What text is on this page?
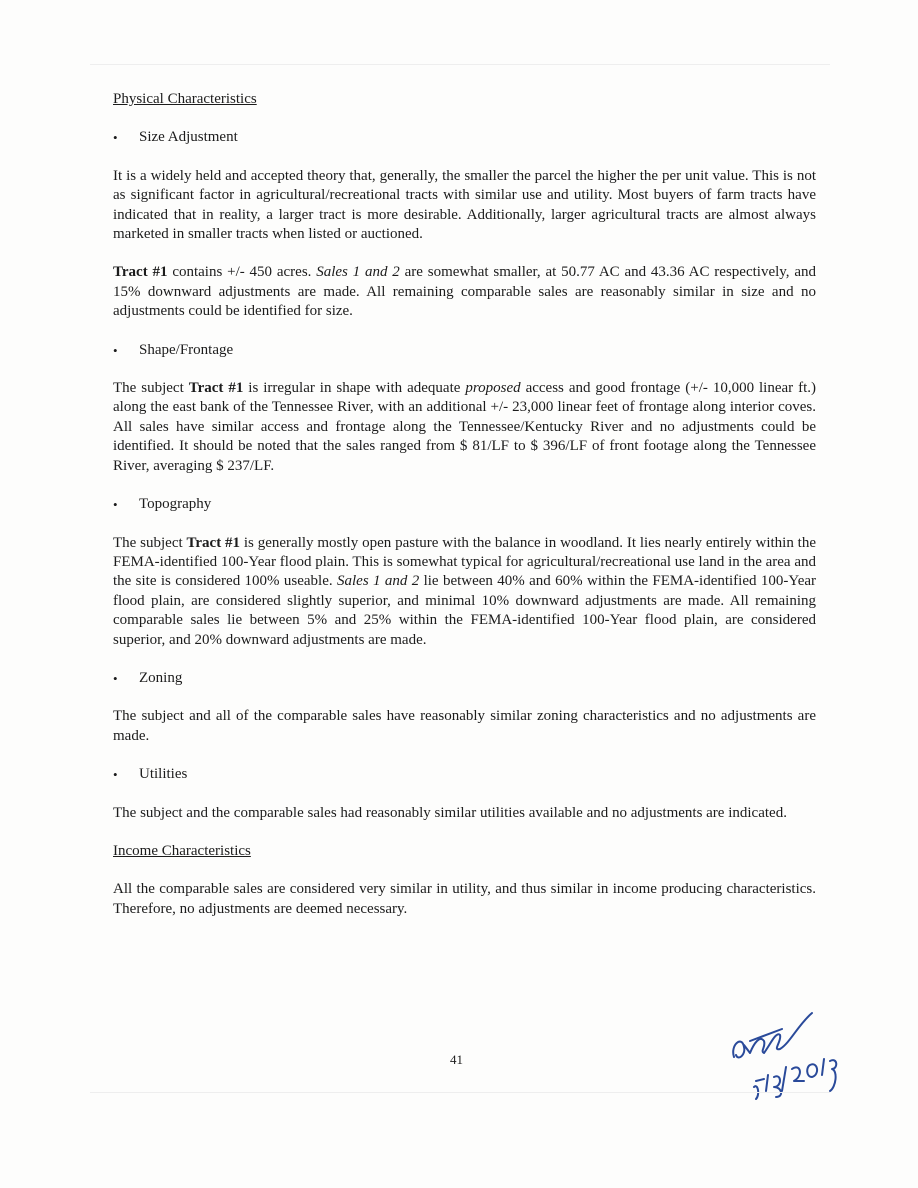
Physical Characteristics
• Size Adjustment

It is a widely held and accepted theory that, generally, the smaller the parcel the higher the per unit value. This is not as significant factor in agricultural/recreational tracts with similar use and utility. Most buyers of farm tracts have indicated that in reality, a larger tract is more desirable. Additionally, larger agricultural tracts are almost always marketed in smaller tracts when listed or auctioned.

Tract #1 contains +/- 450 acres. Sales 1 and 2 are somewhat smaller, at 50.77 AC and 43.36 AC respectively, and 15% downward adjustments are made. All remaining comparable sales are reasonably similar in size and no adjustments could be identified for size.

• Shape/Frontage

The subject Tract #1 is irregular in shape with adequate proposed access and good frontage (+/- 10,000 linear ft.) along the east bank of the Tennessee River, with an additional +/- 23,000 linear feet of frontage along interior coves. All sales have similar access and frontage along the Tennessee/Kentucky River and no adjustments could be identified. It should be noted that the sales ranged from $ 81/LF to $ 396/LF of front footage along the Tennessee River, averaging $ 237/LF.

• Topography

The subject Tract #1 is generally mostly open pasture with the balance in woodland. It lies nearly entirely within the FEMA-identified 100-Year flood plain. This is somewhat typical for agricultural/recreational use land in the area and the site is considered 100% useable. Sales 1 and 2 lie between 40% and 60% within the FEMA-identified 100-Year flood plain, are considered slightly superior, and minimal 10% downward adjustments are made. All remaining comparable sales lie between 5% and 25% within the FEMA-identified 100-Year flood plain, are considered superior, and 20% downward adjustments are made.

• Zoning

The subject and all of the comparable sales have reasonably similar zoning characteristics and no adjustments are made.

• Utilities

The subject and the comparable sales had reasonably similar utilities available and no adjustments are indicated.

Income Characteristics

All the comparable sales are considered very similar in utility, and thus similar in income producing characteristics. Therefore, no adjustments are deemed necessary.

41
